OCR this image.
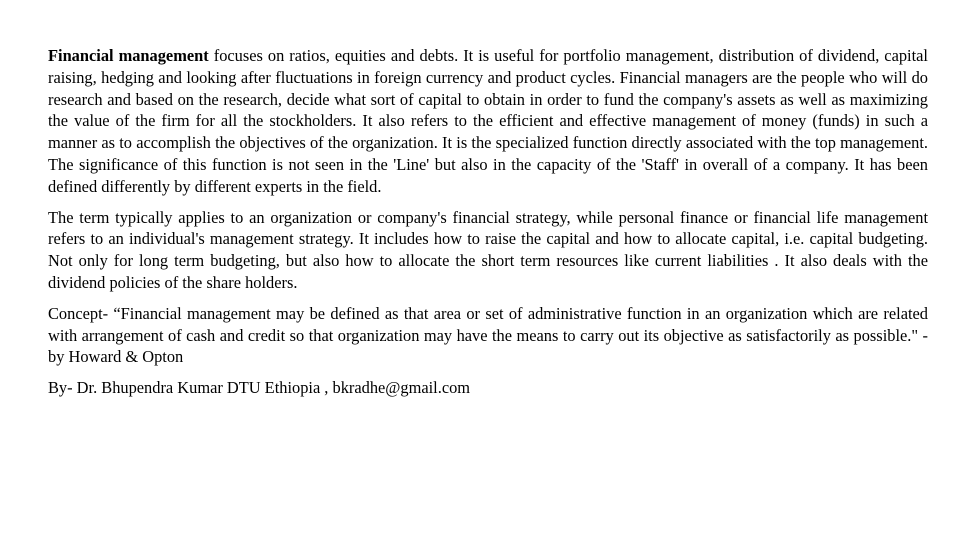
Financial management focuses on ratios, equities and debts. It is useful for portfolio management, distribution of dividend, capital raising, hedging and looking after fluctuations in foreign currency and product cycles. Financial managers are the people who will do research and based on the research, decide what sort of capital to obtain in order to fund the company's assets as well as maximizing the value of the firm for all the stockholders. It also refers to the efficient and effective management of money (funds) in such a manner as to accomplish the objectives of the organization. It is the specialized function directly associated with the top management. The significance of this function is not seen in the 'Line' but also in the capacity of the 'Staff' in overall of a company. It has been defined differently by different experts in the field.

The term typically applies to an organization or company's financial strategy, while personal finance or financial life management refers to an individual's management strategy. It includes how to raise the capital and how to allocate capital, i.e. capital budgeting. Not only for long term budgeting, but also how to allocate the short term resources like current liabilities . It also deals with the dividend policies of the share holders.

Concept- “Financial management may be defined as that area or set of administrative function in an organization which are related with arrangement of cash and credit so that organization may have the means to carry out its objective as satisfactorily as possible." - by Howard & Opton

By- Dr. Bhupendra Kumar DTU Ethiopia , bkradhe@gmail.com
